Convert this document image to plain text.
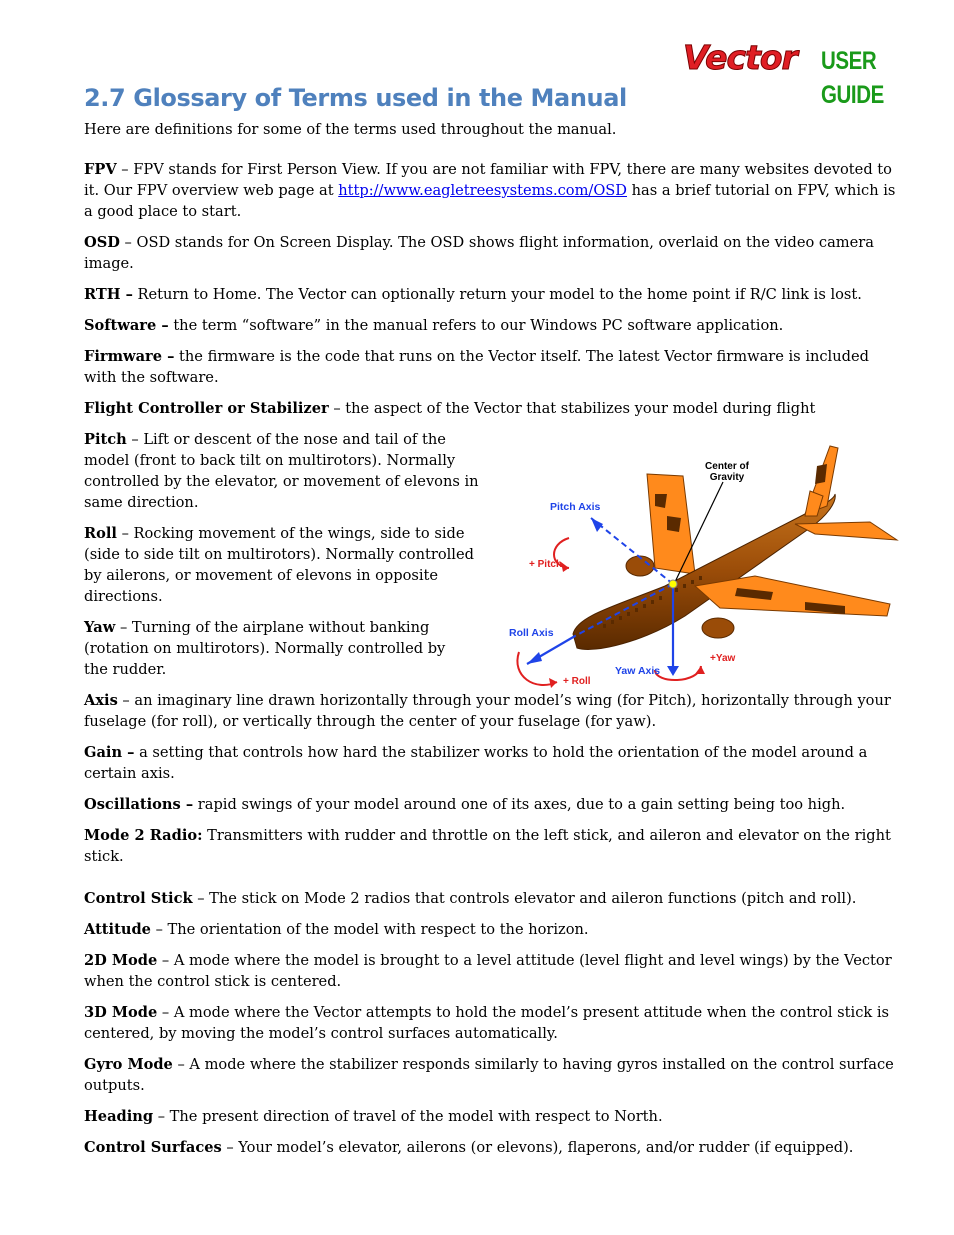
Vector USER GUIDE
2.7 Glossary of Terms used in the Manual

Here are definitions for some of the terms used throughout the manual.

FPV – FPV stands for First Person View. If you are not familiar with FPV, there are many websites devoted to it. Our FPV overview web page at http://www.eagletreesystems.com/OSD has a brief tutorial on FPV, which is a good place to start.

OSD – OSD stands for On Screen Display. The OSD shows flight information, overlaid on the video camera image.

RTH – Return to Home. The Vector can optionally return your model to the home point if R/C link is lost.

Software – the term “software” in the manual refers to our Windows PC software application.

Firmware – the firmware is the code that runs on the Vector itself. The latest Vector firmware is included with the software.

Flight Controller or Stabilizer – the aspect of the Vector that stabilizes your model during flight

Pitch – Lift or descent of the nose and tail of the model (front to back tilt on multirotors). Normally controlled by the elevator, or movement of elevons in same direction.

Roll – Rocking movement of the wings, side to side (side to side tilt on multirotors). Normally controlled by ailerons, or movement of elevons in opposite directions.

Yaw – Turning of the airplane without banking (rotation on multirotors). Normally controlled by the rudder.

Axis – an imaginary line drawn horizontally through your model’s wing (for Pitch), horizontally through your fuselage (for roll), or vertically through the center of your fuselage (for yaw).

Gain – a setting that controls how hard the stabilizer works to hold the orientation of the model around a certain axis.

Oscillations – rapid swings of your model around one of its axes, due to a gain setting being too high.

Mode 2 Radio: Transmitters with rudder and throttle on the left stick, and aileron and elevator on the right stick.

Control Stick – The stick on Mode 2 radios that controls elevator and aileron functions (pitch and roll).

Attitude – The orientation of the model with respect to the horizon.

2D Mode – A mode where the model is brought to a level attitude (level flight and level wings) by the Vector when the control stick is centered.

3D Mode – A mode where the Vector attempts to hold the model’s present attitude when the control stick is centered, by moving the model’s control surfaces automatically.

Gyro Mode – A mode where the stabilizer responds similarly to having gyros installed on the control surface outputs.

Heading – The present direction of travel of the model with respect to North.

Control Surfaces – Your model’s elevator, ailerons (or elevons), flaperons, and/or rudder (if equipped).

Center of
Gravity
Pitch Axis
+ Pitch
Roll Axis
+ Roll
Yaw Axis
+Yaw
